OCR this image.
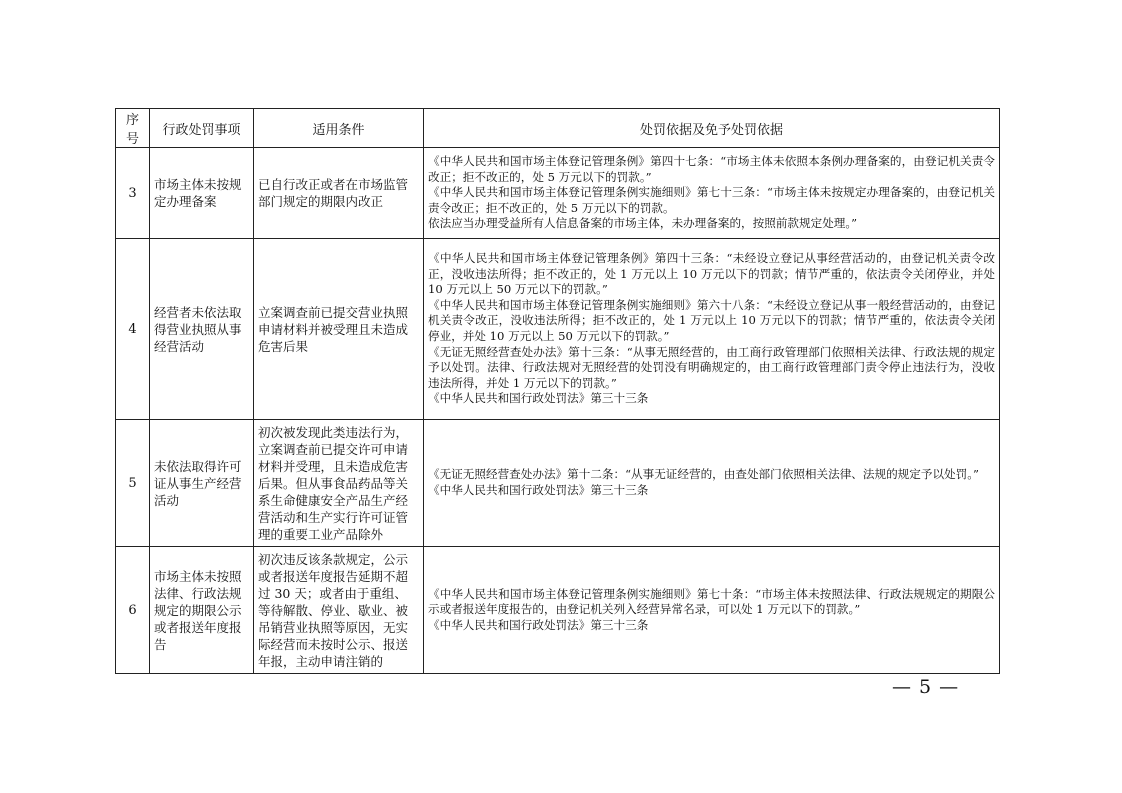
序号	行政处罚事项	适用条件	处罚依据及免予处罚依据
3	市场主体未按规定办理备案	已自行改正或者在市场监管部门规定的期限内改正	《中华人民共和国市场主体登记管理条例》第四十七条：“市场主体未依照本条例办理备案的，由登记机关责令改正；拒不改正的，处 5 万元以下的罚款。”

《中华人民共和国市场主体登记管理条例实施细则》第七十三条：“市场主体未按规定办理备案的，由登记机关责令改正；拒不改正的，处 5 万元以下的罚款。

依法应当办理受益所有人信息备案的市场主体，未办理备案的，按照前款规定处理。”

4	经营者未依法取得营业执照从事经营活动	立案调查前已提交营业执照申请材料并被受理且未造成危害后果	《中华人民共和国市场主体登记管理条例》第四十三条：“未经设立登记从事经营活动的，由登记机关责令改正，没收违法所得；拒不改正的，处 1 万元以上 10 万元以下的罚款；情节严重的，依法责令关闭停业，并处 10 万元以上 50 万元以下的罚款。”

《中华人民共和国市场主体登记管理条例实施细则》第六十八条：“未经设立登记从事一般经营活动的，由登记机关责令改正，没收违法所得；拒不改正的，处 1 万元以上 10 万元以下的罚款；情节严重的，依法责令关闭停业，并处 10 万元以上 50 万元以下的罚款。”

《无证无照经营查处办法》第十三条：“从事无照经营的，由工商行政管理部门依照相关法律、行政法规的规定予以处罚。法律、行政法规对无照经营的处罚没有明确规定的，由工商行政管理部门责令停止违法行为，没收违法所得，并处 1 万元以下的罚款。”

《中华人民共和国行政处罚法》第三十三条

5	未依法取得许可证从事生产经营活动	初次被发现此类违法行为，立案调查前已提交许可申请材料并受理，且未造成危害后果。但从事食品药品等关系生命健康安全产品生产经营活动和生产实行许可证管理的重要工业产品除外	《无证无照经营查处办法》第十二条：“从事无证经营的，由查处部门依照相关法律、法规的规定予以处罚。”

《中华人民共和国行政处罚法》第三十三条

6	市场主体未按照法律、行政法规规定的期限公示或者报送年度报告	初次违反该条款规定，公示或者报送年度报告延期不超过 30 天；或者由于重组、等待解散、停业、歇业、被吊销营业执照等原因，无实际经营而未按时公示、报送年报，主动申请注销的	《中华人民共和国市场主体登记管理条例实施细则》第七十条：“市场主体未按照法律、行政法规规定的期限公示或者报送年度报告的，由登记机关列入经营异常名录，可以处 1 万元以下的罚款。”

《中华人民共和国行政处罚法》第三十三条

— 5 —
